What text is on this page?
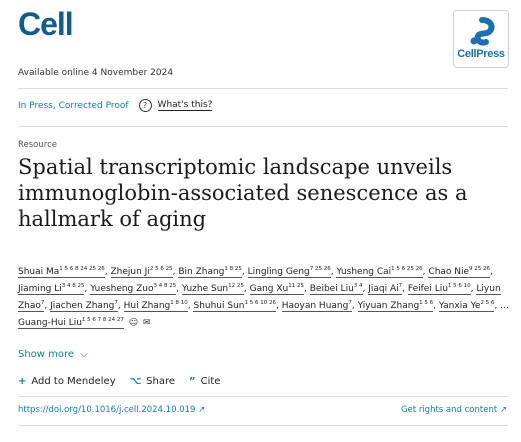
Cell
CellPress
Available online 4 November 2024
In Press, Corrected Proof	?	What's this?
Resource
Spatial transcriptomic landscape unveils immunoglobin-associated senescence as a hallmark of aging
Shuai $Ma^{1 5 6 8 24 25 26}$, Zhejun $Ji^{2 5 6 25}$, Bin Zhang$^{1 8 25}$, Lingling Geng$^{7 25 26}$, Yusheng Cai$^{1 5 6 25 26}$, Chao Nie$^{9 25 26}$, Jiaming $Li^{3 4 8 25}$, Yuesheng Zuo$^{3 4 8 25}$, Yuzhe Sun$^{12 25}$, Gang $Xu^{11 25}$, Beibei Liu$^{3 4}$, Jiaqi Ai$^7$, Feifei Liu$^{1 5 6 10}$, Liyun Zhao$^7$, Jiachen Zhang$^7$, Hui Zhang$^{1 8 10}$, Shuhui Sun$^{1 5 6 10 26}$, Haoyan Huang$^7$, Yiyuan Zhang$^{1 5 6}$, Yanxia $Ye^{2 5 6}$, …Guang-Hui Liu$^{1 5 6 7 8 24 27}$ ☺ ✉
Show more ⌵
+ Add to Mendeley ⌥ Share ” Cite
https://doi.org/10.1016/j.cell.2024.10.019 ↗	Get rights and content ↗
